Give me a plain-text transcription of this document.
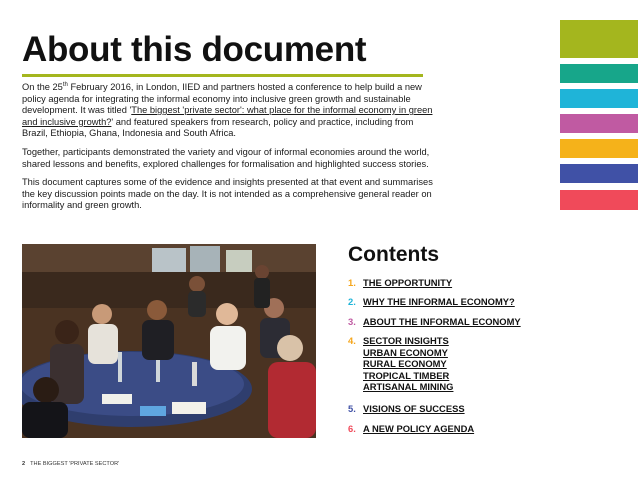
About this document

On the 25th February 2016, in London, IIED and partners hosted a conference to help build a new policy agenda for integrating the informal economy into inclusive green growth and sustainable development. It was titled 'The biggest 'private sector': what place for the informal economy in green and inclusive growth?' and featured speakers from research, policy and practice, including from Brazil, Ethiopia, Ghana, Indonesia and South Africa.

Together, participants demonstrated the variety and vigour of informal economies around the world, shared lessons and benefits, explored challenges for formalisation and highlighted success stories.

This document captures some of the evidence and insights presented at that event and summarises the key discussion points made on the day. It is not intended as a comprehensive general reader on informality and green growth.

Contents
1. THE OPPORTUNITY
2. WHY THE INFORMAL ECONOMY?
3. ABOUT THE INFORMAL ECONOMY
4. SECTOR INSIGHTS
URBAN ECONOMY
RURAL ECONOMY
TROPICAL TIMBER
ARTISANAL MINING
5. VISIONS OF SUCCESS
6. A NEW POLICY AGENDA
2 THE BIGGEST 'PRIVATE SECTOR'
